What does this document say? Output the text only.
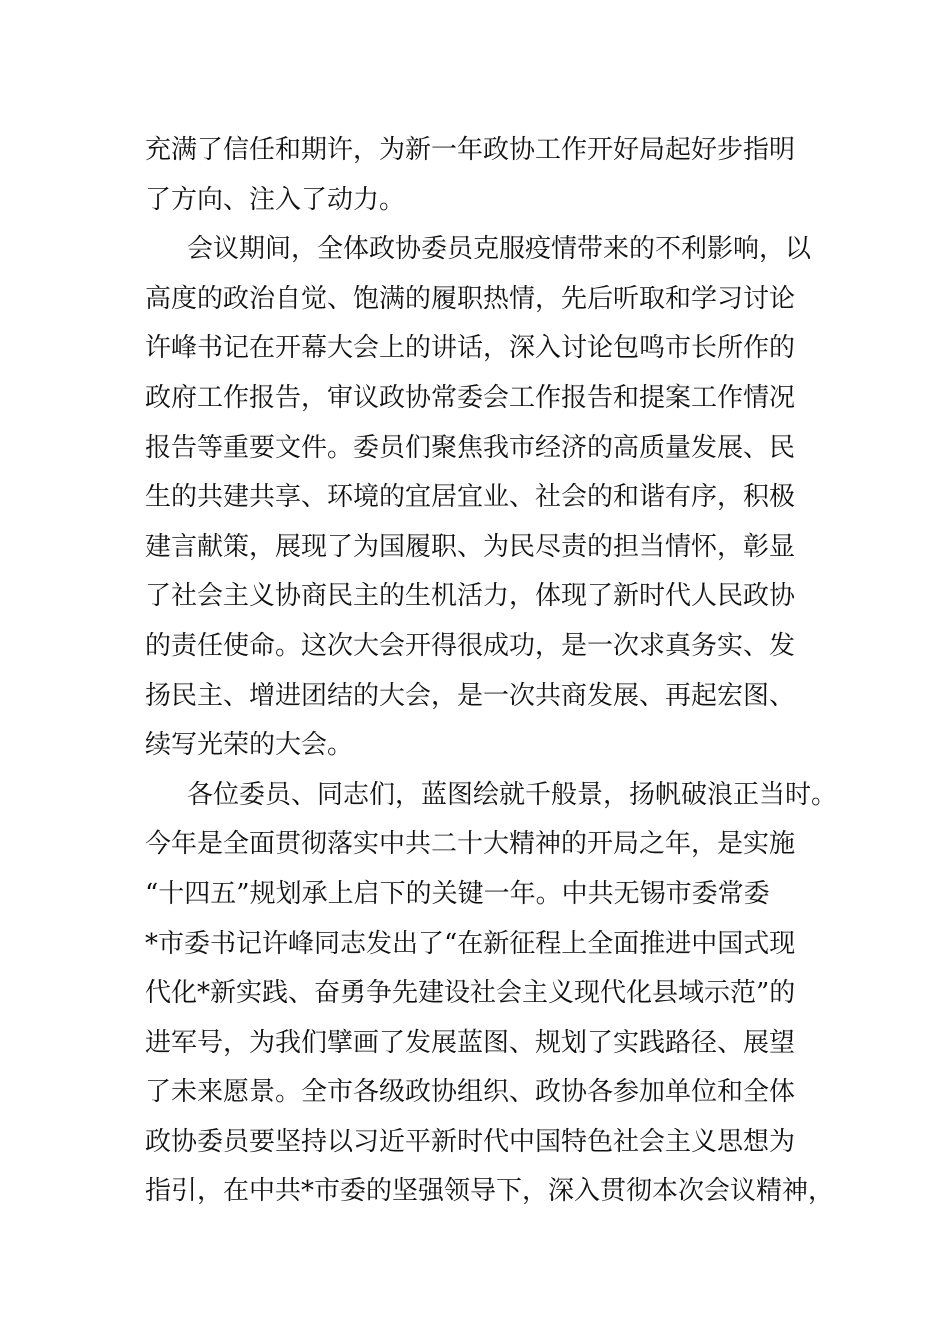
充满了信任和期许，为新一年政协工作开好局起好步指明
了方向、注入了动力。
会议期间，全体政协委员克服疫情带来的不利影响，以
高度的政治自觉、饱满的履职热情，先后听取和学习讨论
许峰书记在开幕大会上的讲话，深入讨论包鸣市长所作的
政府工作报告，审议政协常委会工作报告和提案工作情况
报告等重要文件。委员们聚焦我市经济的高质量发展、民
生的共建共享、环境的宜居宜业、社会的和谐有序，积极
建言献策，展现了为国履职、为民尽责的担当情怀，彰显
了社会主义协商民主的生机活力，体现了新时代人民政协
的责任使命。这次大会开得很成功，是一次求真务实、发
扬民主、增进团结的大会，是一次共商发展、再起宏图、
续写光荣的大会。
各位委员、同志们，蓝图绘就千般景，扬帆破浪正当时。
今年是全面贯彻落实中共二十大精神的开局之年，是实施
“十四五”规划承上启下的关键一年。中共无锡市委常委
*市委书记许峰同志发出了“在新征程上全面推进中国式现
代化*新实践、奋勇争先建设社会主义现代化县域示范”的
进军号，为我们擘画了发展蓝图、规划了实践路径、展望
了未来愿景。全市各级政协组织、政协各参加单位和全体
政协委员要坚持以习近平新时代中国特色社会主义思想为
指引，在中共*市委的坚强领导下，深入贯彻本次会议精神，
